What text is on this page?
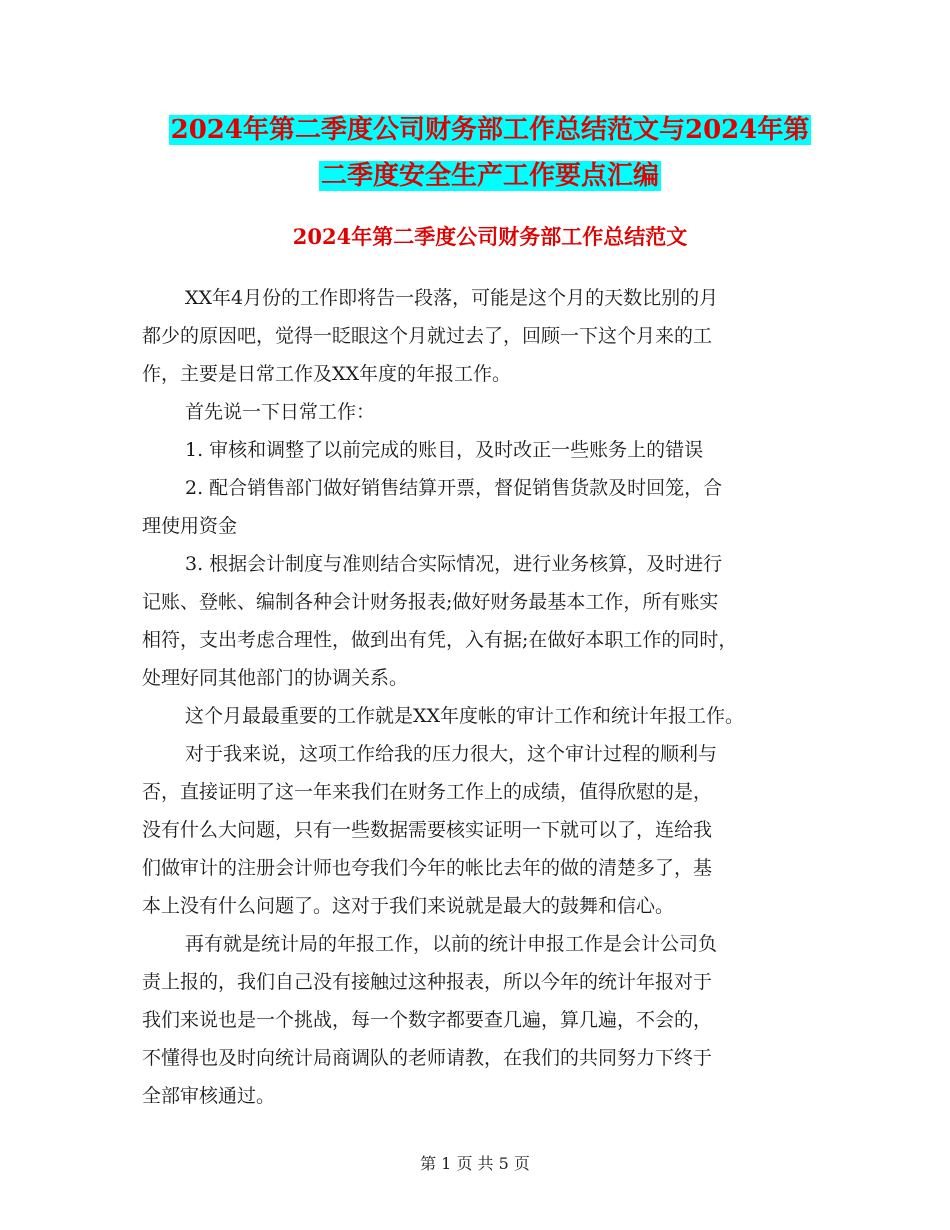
2024年第二季度公司财务部工作总结范文与2024年第
二季度安全生产工作要点汇编
2024年第二季度公司财务部工作总结范文
XX年4月份的工作即将告一段落，可能是这个月的天数比别的月
都少的原因吧，觉得一眨眼这个月就过去了，回顾一下这个月来的工
作，主要是日常工作及XX年度的年报工作。
首先说一下日常工作：
1. 审核和调整了以前完成的账目，及时改正一些账务上的错误
2. 配合销售部门做好销售结算开票，督促销售货款及时回笼，合
理使用资金
3. 根据会计制度与准则结合实际情况，进行业务核算，及时进行
记账、登帐、编制各种会计财务报表;做好财务最基本工作，所有账实
相符，支出考虑合理性，做到出有凭，入有据;在做好本职工作的同时，
处理好同其他部门的协调关系。
这个月最最重要的工作就是XX年度帐的审计工作和统计年报工作。
对于我来说，这项工作给我的压力很大，这个审计过程的顺利与
否，直接证明了这一年来我们在财务工作上的成绩，值得欣慰的是，
没有什么大问题，只有一些数据需要核实证明一下就可以了，连给我
们做审计的注册会计师也夸我们今年的帐比去年的做的清楚多了，基
本上没有什么问题了。这对于我们来说就是最大的鼓舞和信心。
再有就是统计局的年报工作，以前的统计申报工作是会计公司负
责上报的，我们自己没有接触过这种报表，所以今年的统计年报对于
我们来说也是一个挑战，每一个数字都要查几遍，算几遍，不会的，
不懂得也及时向统计局商调队的老师请教，在我们的共同努力下终于
全部审核通过。
第 1 页 共 5 页
